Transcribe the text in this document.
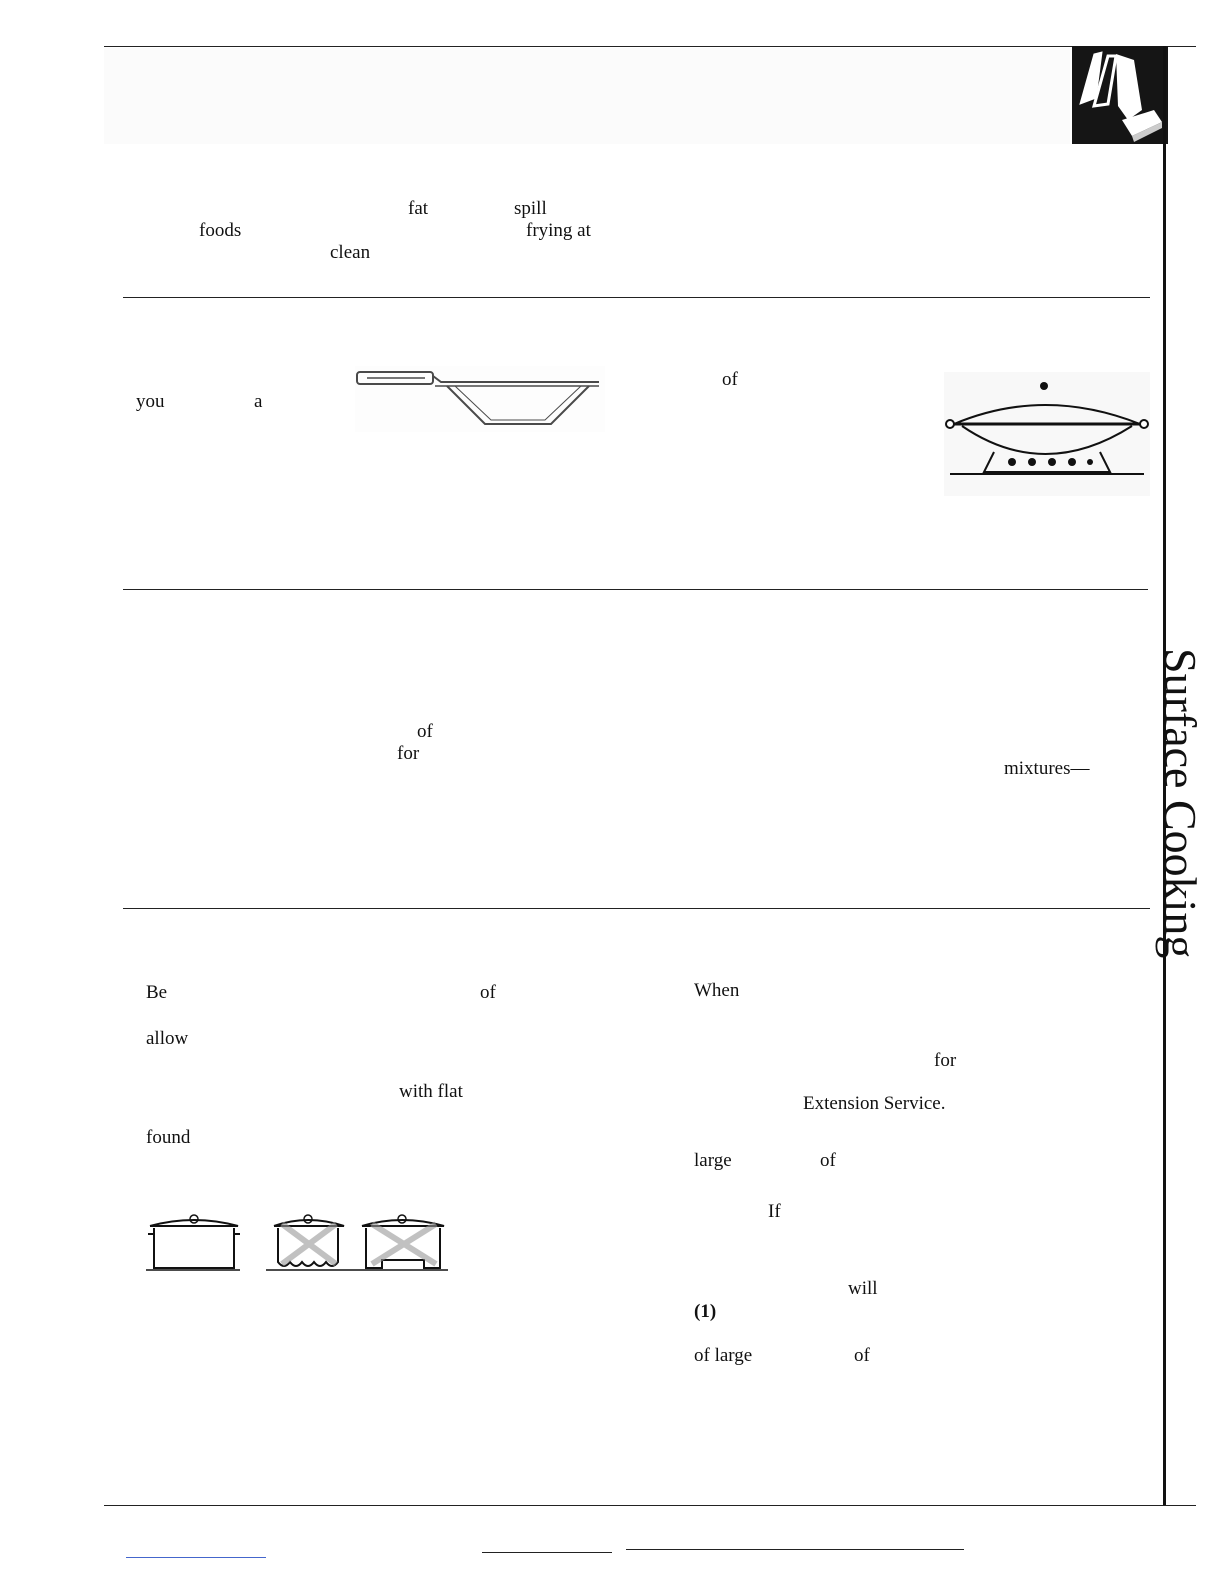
Surface Cooking
fat	spill
foods	frying at
clean
you	a
of
of
for
mixtures—
Be	of
allow
with flat
found
When
for
Extension Service.
large	of
If
will
(1)
of large	of
